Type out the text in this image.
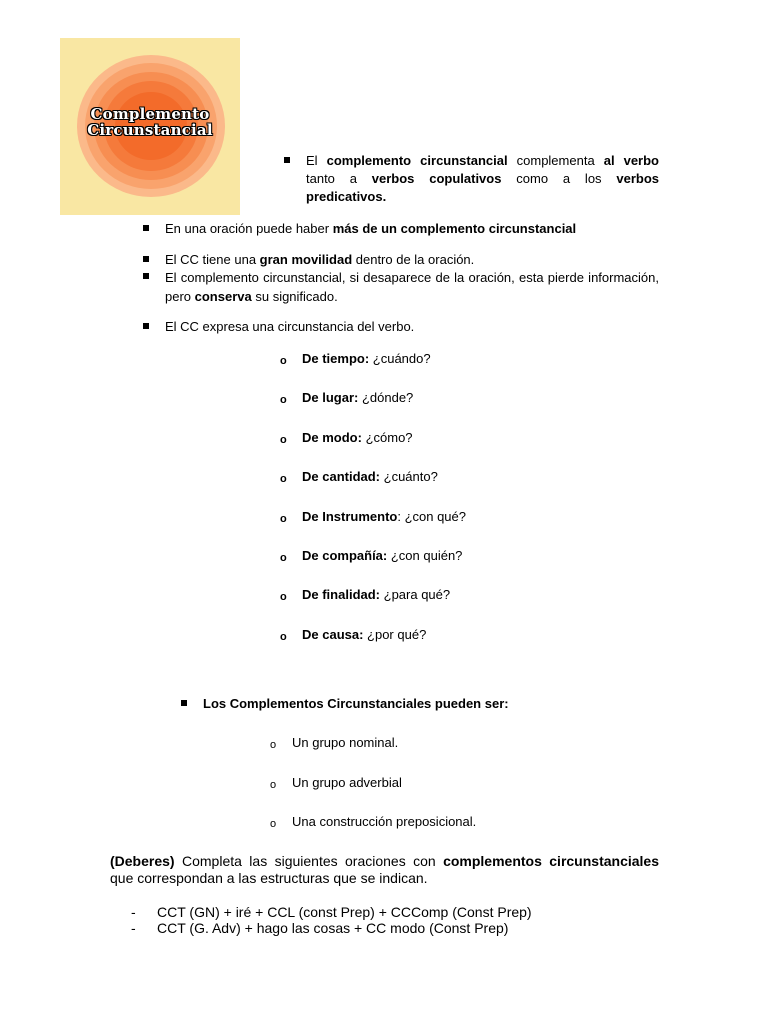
Complemento
Circunstancial
El complemento circunstancial complementa al verbo tanto a verbos copulativos como a los verbos predicativos.
En una oración puede haber más de un complemento circunstancial
El CC tiene una gran movilidad dentro de la oración.
El complemento circunstancial, si desaparece de la oración, esta pierde información, pero conserva su significado.
El CC expresa una circunstancia del verbo.
o De tiempo: ¿cuándo?
o De lugar: ¿dónde?
o De modo: ¿cómo?
o De cantidad: ¿cuánto?
o De Instrumento: ¿con qué?
o De compañía: ¿con quién?
o De finalidad: ¿para qué?
o De causa: ¿por qué?
Los Complementos Circunstanciales pueden ser:
o Un grupo nominal.
o Un grupo adverbial
o Una construcción preposicional.
(Deberes) Completa las siguientes oraciones con complementos circunstanciales que correspondan a las estructuras que se indican.
- CCT (GN) + iré + CCL (const Prep) + CCComp (Const Prep)
- CCT (G. Adv) + hago las cosas + CC modo (Const Prep)
